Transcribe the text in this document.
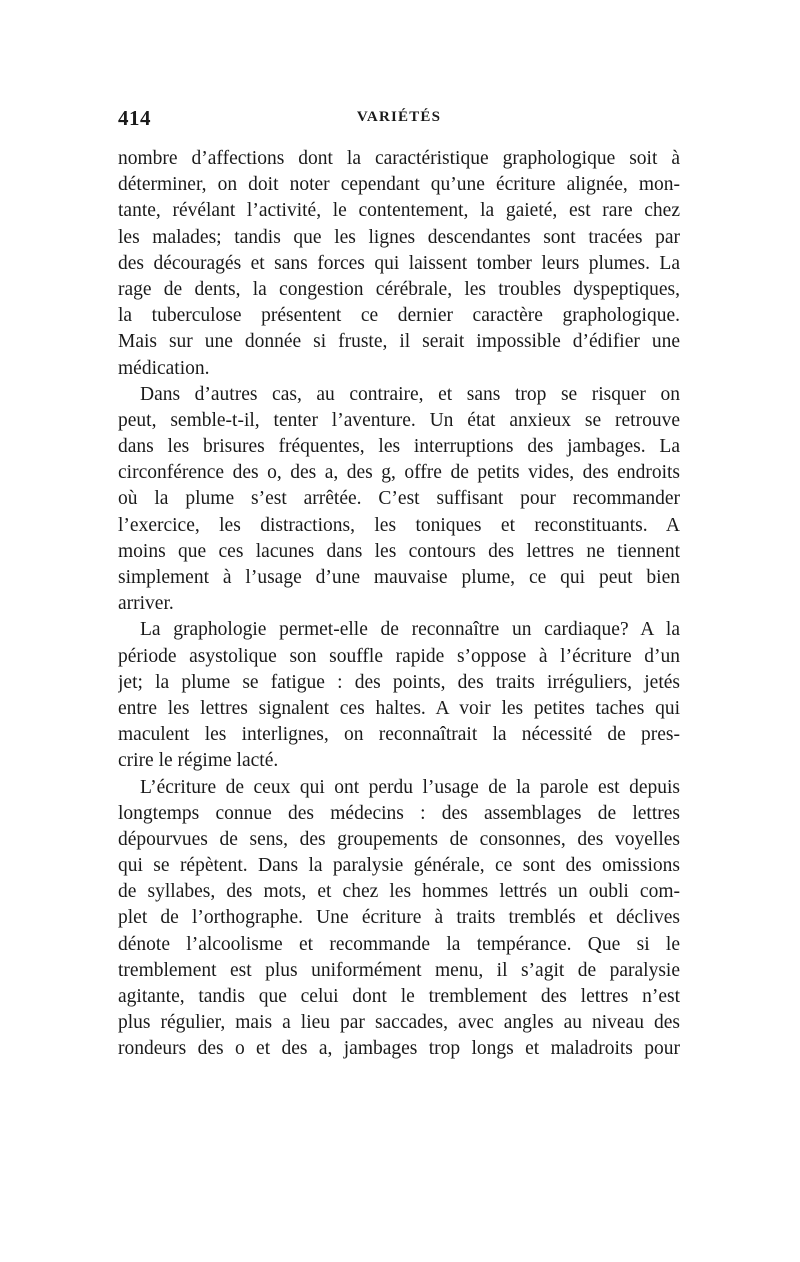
414	VARIÉTÉS
nombre d’affections dont la caractéristique graphologique soit à
déterminer, on doit noter cependant qu’une écriture alignée, mon-
tante, révélant l’activité, le contentement, la gaieté, est rare chez
les malades; tandis que les lignes descendantes sont tracées par
des découragés et sans forces qui laissent tomber leurs plumes. La
rage de dents, la congestion cérébrale, les troubles dyspeptiques,
la tuberculose présentent ce dernier caractère graphologique.
Mais sur une donnée si fruste, il serait impossible d’édifier une
médication.
Dans d’autres cas, au contraire, et sans trop se risquer on
peut, semble-t-il, tenter l’aventure. Un état anxieux se retrouve
dans les brisures fréquentes, les interruptions des jambages. La
circonférence des o, des a, des g, offre de petits vides, des endroits
où la plume s’est arrêtée. C’est suffisant pour recommander
l’exercice, les distractions, les toniques et reconstituants. A
moins que ces lacunes dans les contours des lettres ne tiennent
simplement à l’usage d’une mauvaise plume, ce qui peut bien
arriver.
La graphologie permet-elle de reconnaître un cardiaque? A la
période asystolique son souffle rapide s’oppose à l’écriture d’un
jet; la plume se fatigue : des points, des traits irréguliers, jetés
entre les lettres signalent ces haltes. A voir les petites taches qui
maculent les interlignes, on reconnaîtrait la nécessité de pres-
crire le régime lacté.
L’écriture de ceux qui ont perdu l’usage de la parole est depuis
longtemps connue des médecins : des assemblages de lettres
dépourvues de sens, des groupements de consonnes, des voyelles
qui se répètent. Dans la paralysie générale, ce sont des omissions
de syllabes, des mots, et chez les hommes lettrés un oubli com-
plet de l’orthographe. Une écriture à traits tremblés et déclives
dénote l’alcoolisme et recommande la tempérance. Que si le
tremblement est plus uniformément menu, il s’agit de paralysie
agitante, tandis que celui dont le tremblement des lettres n’est
plus régulier, mais a lieu par saccades, avec angles au niveau des
rondeurs des o et des a, jambages trop longs et maladroits pour
